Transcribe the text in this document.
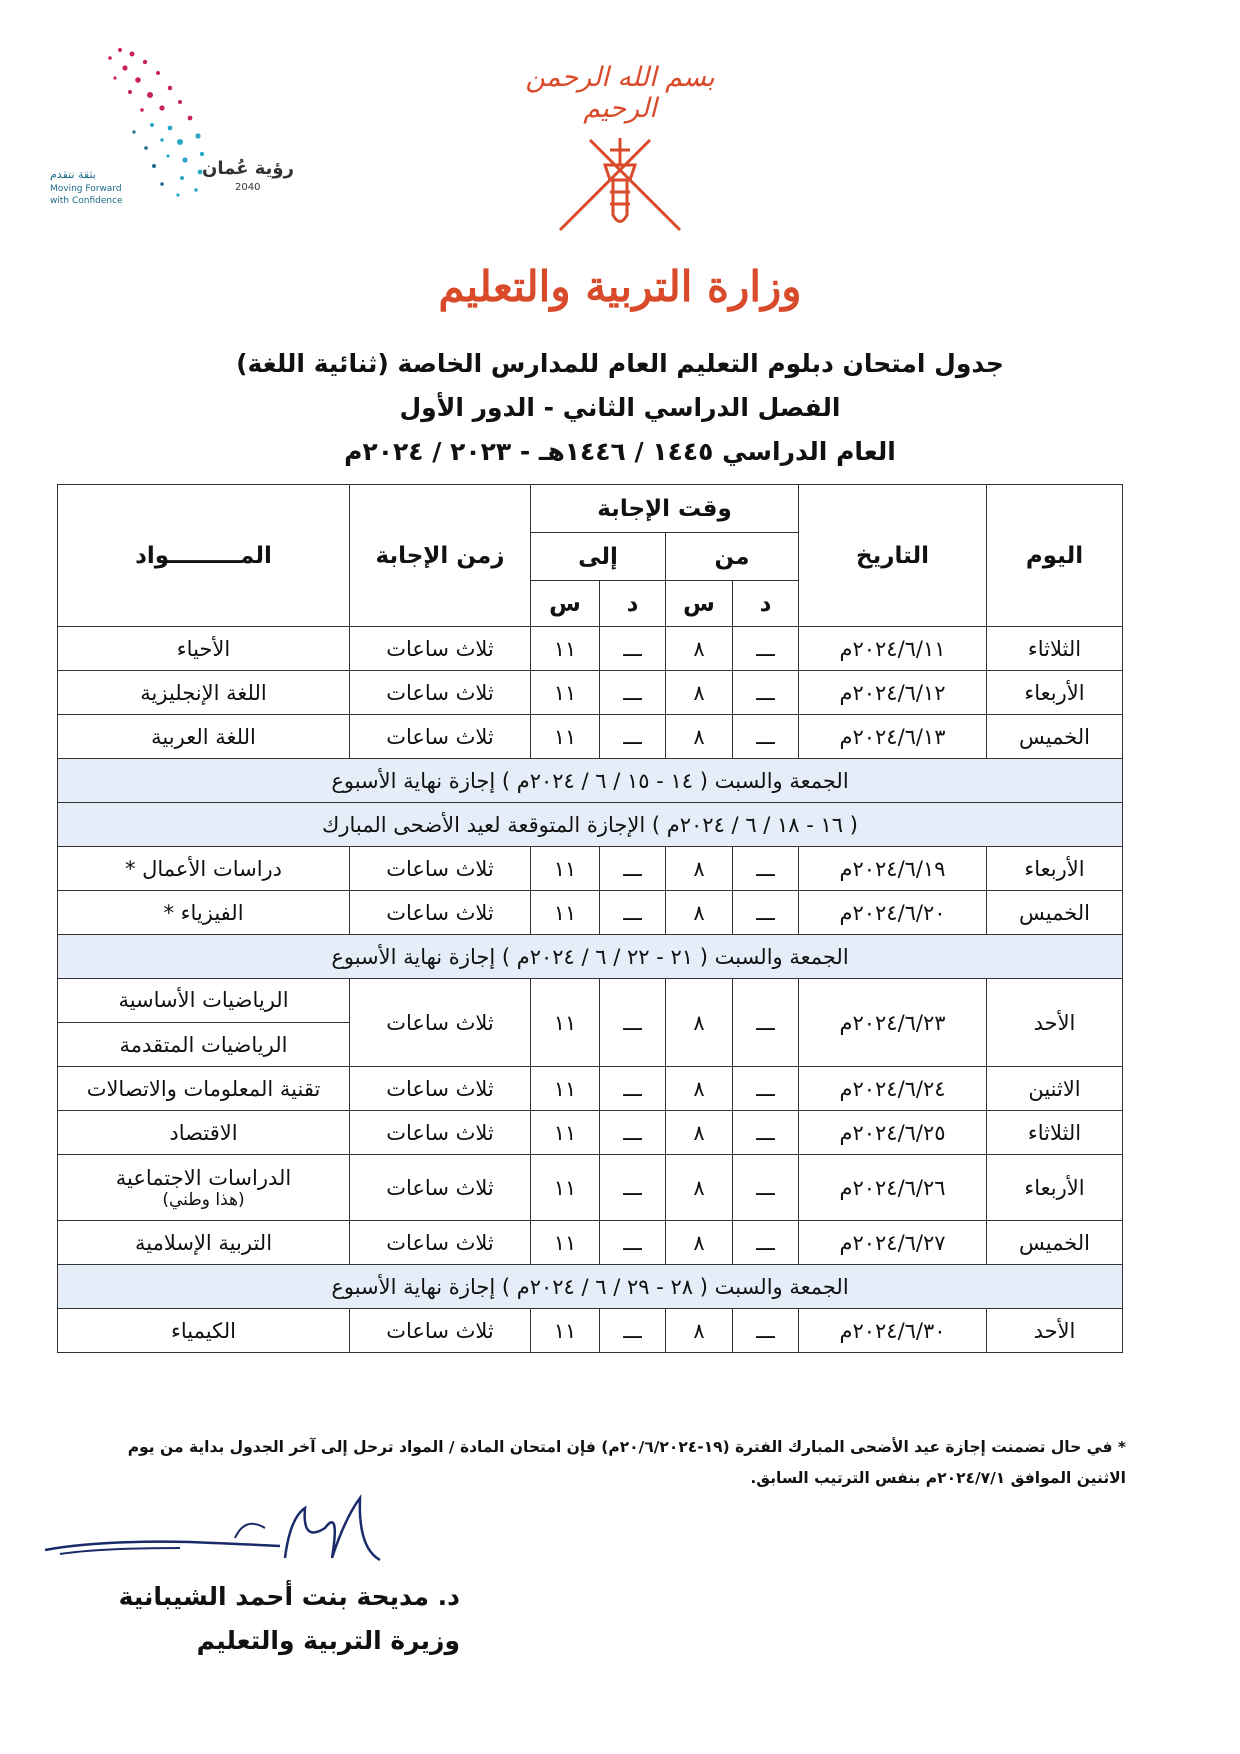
رؤية عُمان
2040
بثقة نتقدم
Moving Forward
with Confidence
بسم الله الرحمن الرحيم
وزارة التربية والتعليم
جدول امتحان دبلوم التعليم العام للمدارس الخاصة (ثنائية اللغة)
الفصل الدراسي الثاني - الدور الأول
العام الدراسي ١٤٤٥ / ١٤٤٦هـ - ٢٠٢٣ / ٢٠٢٤م
اليوم	التاريخ	وقت الإجابة				زمن الإجابة	المـــــــــواد
		من		إلى			
		د	س	د	س		
الثلاثاء	٢٠٢٤/٦/١١م	ـــ	٨	ـــ	١١	ثلاث ساعات	الأحياء

الأربعاء	٢٠٢٤/٦/١٢م	ـــ	٨	ـــ	١١	ثلاث ساعات	اللغة الإنجليزية

الخميس	٢٠٢٤/٦/١٣م	ـــ	٨	ـــ	١١	ثلاث ساعات	اللغة العربية

الجمعة والسبت ( ١٤ - ١٥ / ٦ / ٢٠٢٤م ) إجازة نهاية الأسبوع							
( ١٦ - ١٨ / ٦ / ٢٠٢٤م ) الإجازة المتوقعة لعيد الأضحى المبارك							
الأربعاء	٢٠٢٤/٦/١٩م	ـــ	٨	ـــ	١١	ثلاث ساعات	دراسات الأعمال *

الخميس	٢٠٢٤/٦/٢٠م	ـــ	٨	ـــ	١١	ثلاث ساعات	الفيزياء *

الجمعة والسبت ( ٢١ - ٢٢ / ٦ / ٢٠٢٤م ) إجازة نهاية الأسبوع							
الأحد	٢٠٢٤/٦/٢٣م	ـــ	٨	ـــ	١١	ثلاث ساعات	الرياضيات الأساسية
الرياضيات المتقدمة

الاثنين	٢٠٢٤/٦/٢٤م	ـــ	٨	ـــ	١١	ثلاث ساعات	تقنية المعلومات والاتصالات

الثلاثاء	٢٠٢٤/٦/٢٥م	ـــ	٨	ـــ	١١	ثلاث ساعات	الاقتصاد

الأربعاء	٢٠٢٤/٦/٢٦م	ـــ	٨	ـــ	١١	ثلاث ساعات	الدراسات الاجتماعية
(هذا وطني)

الخميس	٢٠٢٤/٦/٢٧م	ـــ	٨	ـــ	١١	ثلاث ساعات	التربية الإسلامية

الجمعة والسبت ( ٢٨ - ٢٩ / ٦ / ٢٠٢٤م ) إجازة نهاية الأسبوع							
الأحد	٢٠٢٤/٦/٣٠م	ـــ	٨	ـــ	١١	ثلاث ساعات	الكيمياء
* في حال تضمنت إجازة عيد الأضحى المبارك الفترة (١٩-٢٠/٦/٢٠٢٤م) فإن امتحان المادة / المواد ترحل إلى آخر الجدول بداية من يوم
الاثنين الموافق ٢٠٢٤/٧/١م بنفس الترتيب السابق.
د. مديحة بنت أحمد الشيبانية
وزيرة التربية والتعليم
